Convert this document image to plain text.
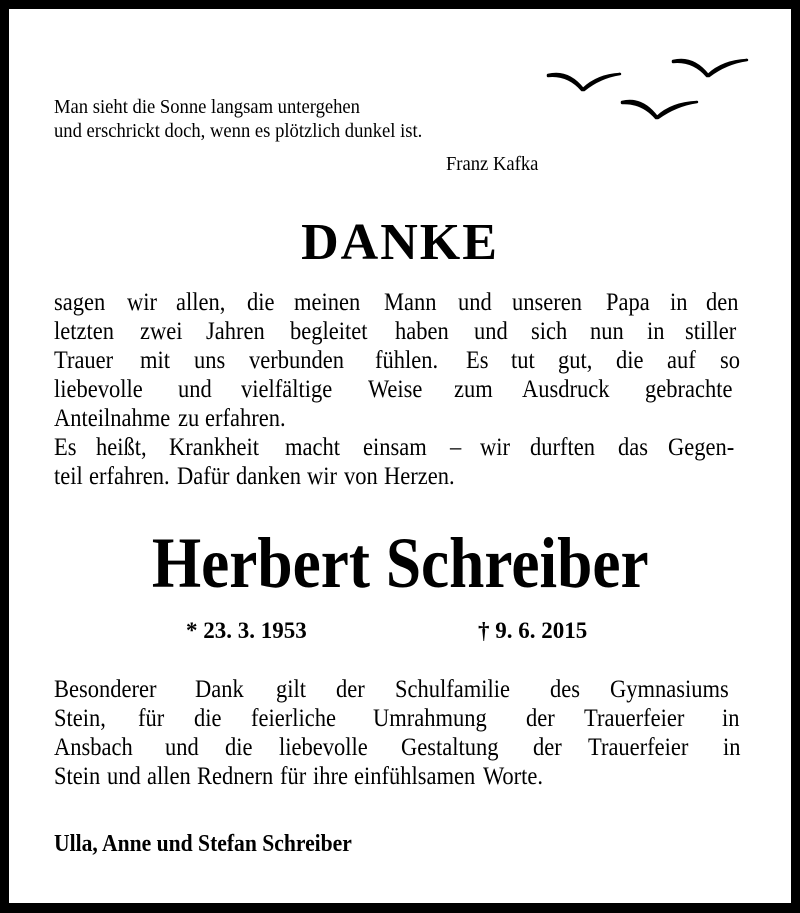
Man sieht die Sonne langsam untergehen
und erschrickt doch, wenn es plötzlich dunkel ist.
Franz Kafka
DANKE
sagen wir allen, die meinen Mann und unseren Papa in den
letzten zwei Jahren begleitet haben und sich nun in stiller
Trauer mit uns verbunden fühlen. Es tut gut, die auf so
liebevolle und vielfältige Weise zum Ausdruck gebrachte
Anteilnahme zu erfahren.
Es heißt, Krankheit macht einsam – wir durften das Gegen-
teil erfahren. Dafür danken wir von Herzen.
Herbert Schreiber
* 23. 3. 1953	† 9. 6. 2015
Besonderer Dank gilt der Schulfamilie des Gymnasiums
Stein, für die feierliche Umrahmung der Trauerfeier in
Ansbach und die liebevolle Gestaltung der Trauerfeier in
Stein und allen Rednern für ihre einfühlsamen Worte.
Ulla, Anne und Stefan Schreiber
